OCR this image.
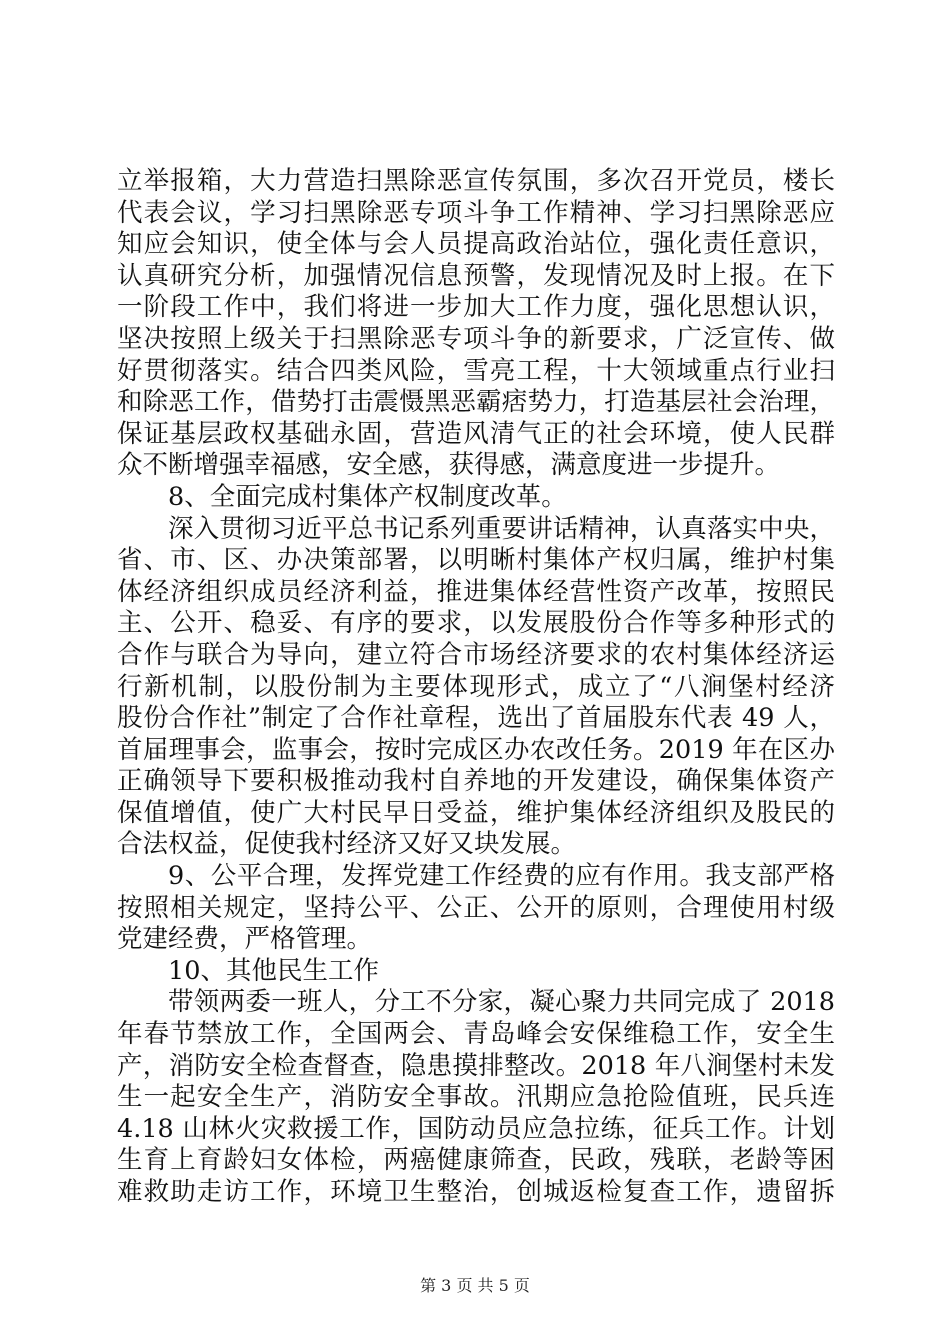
立举报箱，大力营造扫黑除恶宣传氛围，多次召开党员，楼长
代表会议，学习扫黑除恶专项斗争工作精神、学习扫黑除恶应
知应会知识，使全体与会人员提高政治站位，强化责任意识，
认真研究分析，加强情况信息预警，发现情况及时上报。在下
一阶段工作中，我们将进一步加大工作力度，强化思想认识，
坚决按照上级关于扫黑除恶专项斗争的新要求，广泛宣传、做
好贯彻落实。结合四类风险，雪亮工程，十大领域重点行业扫
和除恶工作，借势打击震慑黑恶霸痞势力，打造基层社会治理，
保证基层政权基础永固，营造风清气正的社会环境，使人民群
众不断增强幸福感，安全感，获得感，满意度进一步提升。
8、全面完成村集体产权制度改革。
深入贯彻习近平总书记系列重要讲话精神，认真落实中央，
省、市、区、办决策部署，以明晰村集体产权归属，维护村集
体经济组织成员经济利益，推进集体经营性资产改革，按照民
主、公开、稳妥、有序的要求，以发展股份合作等多种形式的
合作与联合为导向，建立符合市场经济要求的农村集体经济运
行新机制，以股份制为主要体现形式，成立了“八涧堡村经济
股份合作社”制定了合作社章程，选出了首届股东代表 49 人，
首届理事会，监事会，按时完成区办农改任务。2019 年在区办
正确领导下要积极推动我村自养地的开发建设，确保集体资产
保值增值，使广大村民早日受益，维护集体经济组织及股民的
合法权益，促使我村经济又好又块发展。
9、公平合理，发挥党建工作经费的应有作用。我支部严格
按照相关规定，坚持公平、公正、公开的原则，合理使用村级
党建经费，严格管理。
10、其他民生工作
带领两委一班人，分工不分家，凝心聚力共同完成了 2018
年春节禁放工作，全国两会、青岛峰会安保维稳工作，安全生
产，消防安全检查督查，隐患摸排整改。2018 年八涧堡村未发
生一起安全生产，消防安全事故。汛期应急抢险值班，民兵连
4.18 山林火灾救援工作，国防动员应急拉练，征兵工作。计划
生育上育龄妇女体检，两癌健康筛查，民政，残联，老龄等困
难救助走访工作，环境卫生整治，创城返检复查工作，遗留拆
第 3 页 共 5 页
